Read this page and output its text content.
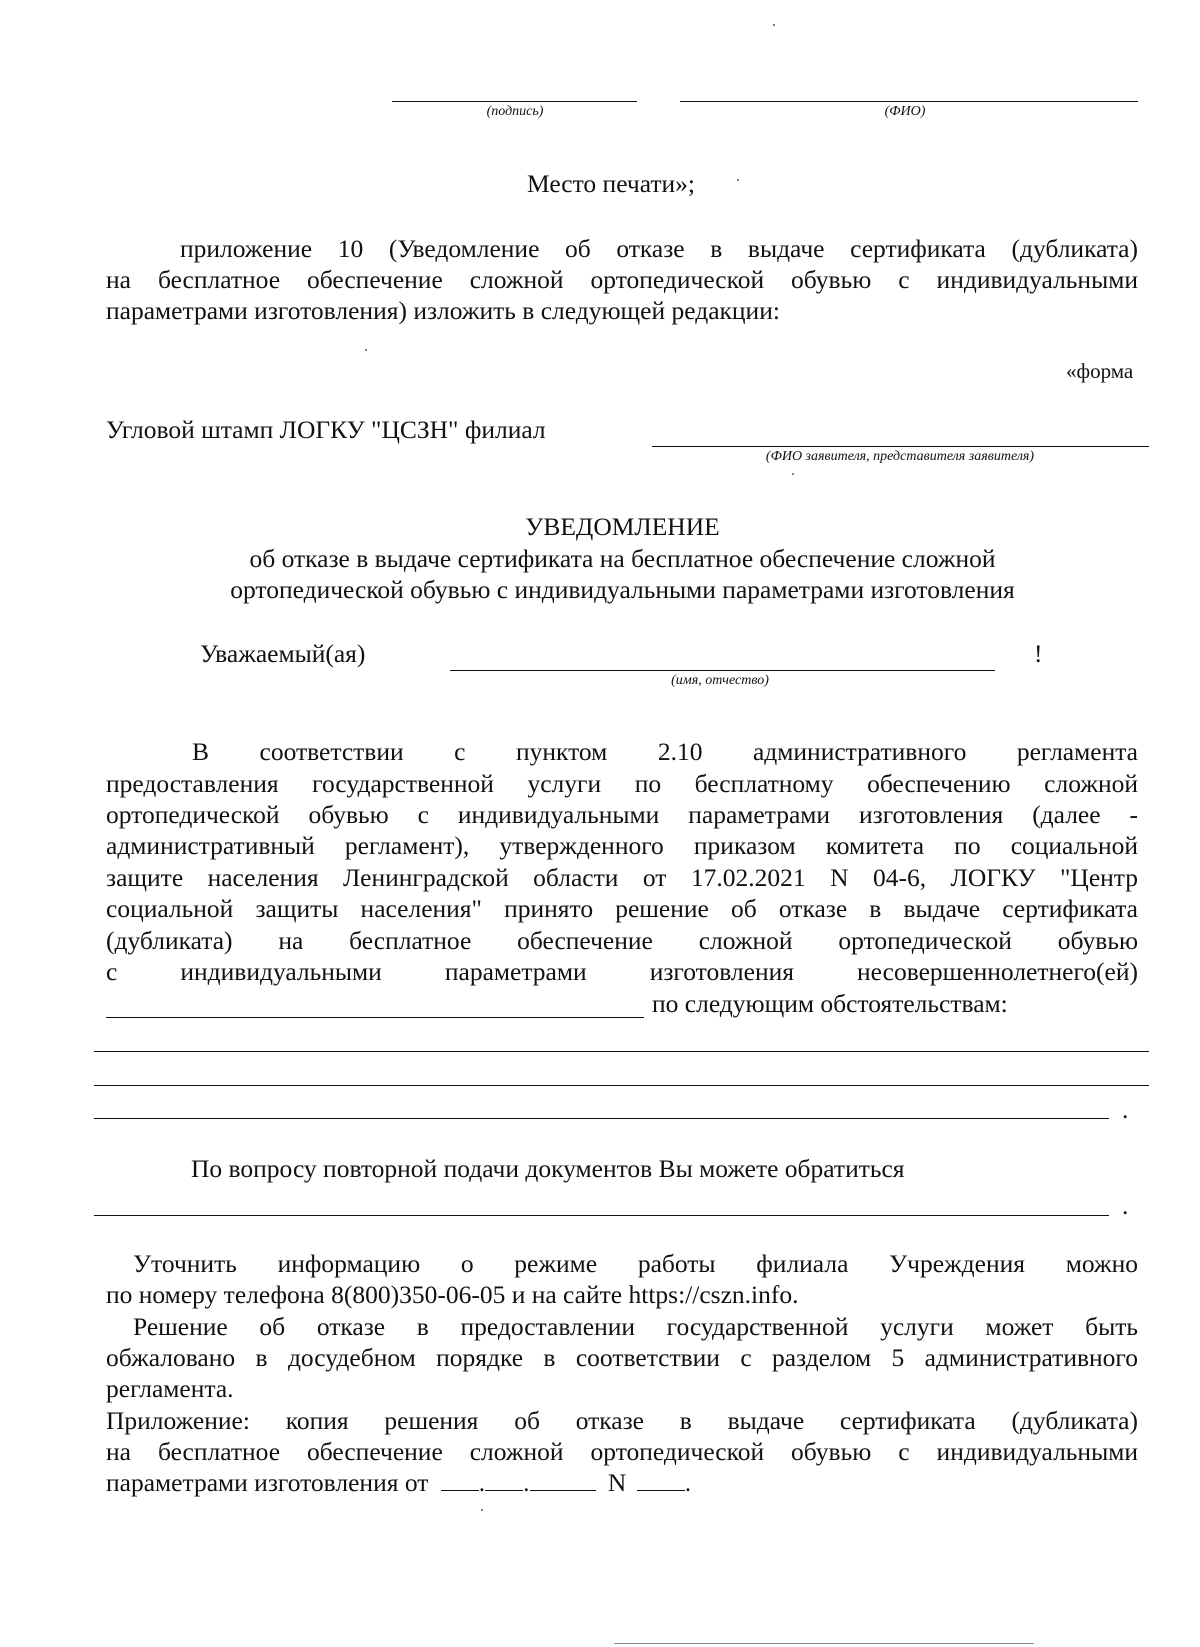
(подпись)	(ФИО)
Место печати»;
приложение 10 (Уведомление об отказе в выдаче сертификата (дубликата)
на бесплатное обеспечение сложной ортопедической обувью с индивидуальными
параметрами изготовления) изложить в следующей редакции:
«форма
Угловой штамп ЛОГКУ "ЦСЗН" филиал
(ФИО заявителя, представителя заявителя)
УВЕДОМЛЕНИЕ
об отказе в выдаче сертификата на бесплатное обеспечение сложной
ортопедической обувью с индивидуальными параметрами изготовления
Уважаемый(ая)	!
(имя, отчество)
В соответствии с пунктом 2.10 административного регламента
предоставления государственной услуги по бесплатному обеспечению сложной
ортопедической обувью с индивидуальными параметрами изготовления (далее -
административный регламент), утвержденного приказом комитета по социальной
защите населения Ленинградской области от 17.02.2021 N 04-6, ЛОГКУ "Центр
социальной защиты населения" принято решение об отказе в выдаче сертификата
(дубликата) на бесплатное обеспечение сложной ортопедической обувью
с индивидуальными параметрами изготовления несовершеннолетнего(ей)
по следующим обстоятельствам:
.
По вопросу повторной подачи документов Вы можете обратиться
.
Уточнить информацию о режиме работы филиала Учреждения можно
по номеру телефона 8(800)350-06-05 и на сайте https://cszn.info.
Решение об отказе в предоставлении государственной услуги может быть
обжаловано в досудебном порядке в соответствии с разделом 5 административного
регламента.
Приложение: копия решения об отказе в выдаче сертификата (дубликата)
на бесплатное обеспечение сложной ортопедической обувью с индивидуальными
параметрами изготовления от . .	N .
